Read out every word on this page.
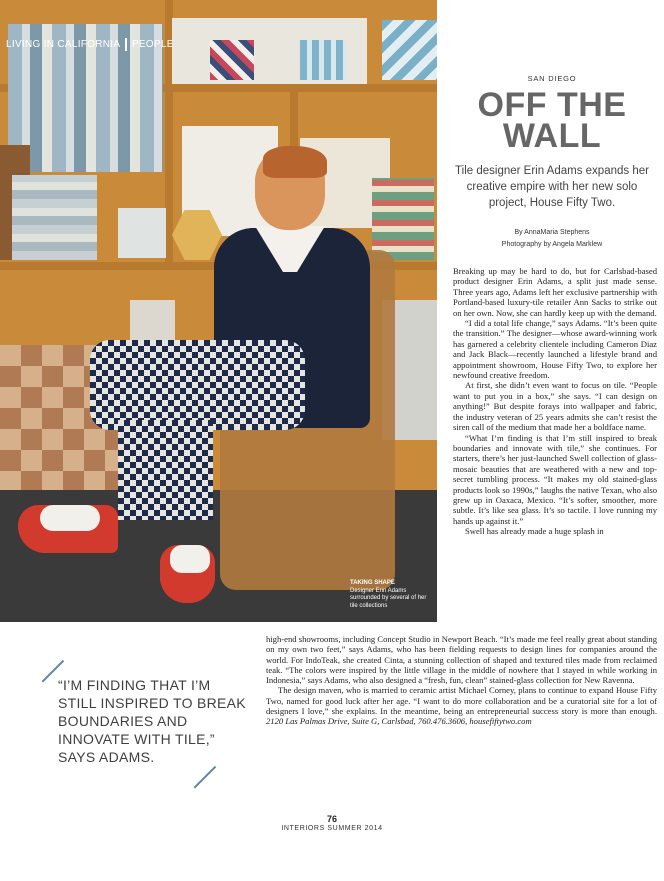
LIVING IN CALIFORNIA PEOPLE
TAKING SHAPE
Designer Erin Adams surrounded by several of her tile collections
SAN DIEGO
OFF THE
WALL
Tile designer Erin Adams expands her creative empire with her new solo project, House Fifty Two.
By AnnaMaria Stephens
Photography by Angela Marklew

Breaking up may be hard to do, but for Carlsbad-based product designer Erin Adams, a split just made sense. Three years ago, Adams left her exclusive partnership with Portland-based luxury-tile retailer Ann Sacks to strike out on her own. Now, she can hardly keep up with the demand.

“I did a total life change,” says Adams. “It’s been quite the transition.” The designer—whose award-winning work has garnered a celebrity clientele including Cameron Diaz and Jack Black—recently launched a lifestyle brand and appointment showroom, House Fifty Two, to explore her newfound creative freedom.

At first, she didn’t even want to focus on tile. “People want to put you in a box,” she says. “I can design on anything!” But despite forays into wallpaper and fabric, the industry veteran of 25 years admits she can’t resist the siren call of the medium that made her a boldface name.

“What I’m finding is that I’m still inspired to break boundaries and innovate with tile,” she continues. For starters, there’s her just-launched Swell collection of glass-mosaic beauties that are weathered with a new and top-secret tumbling process. “It makes my old stained-glass products look so 1990s,” laughs the native Texan, who also grew up in Oaxaca, Mexico. “It’s softer, smoother, more subtle. It’s like sea glass. It’s so tactile. I love running my hands up against it.”

Swell has already made a huge splash in

high-end showrooms, including Concept Studio in Newport Beach. “It’s made me feel really great about standing on my own two feet,” says Adams, who has been fielding requests to design lines for companies around the world. For IndoTeak, she created Cinta, a stunning collection of shaped and textured tiles made from reclaimed teak. “The colors were inspired by the little village in the middle of nowhere that I stayed in while working in Indonesia,” says Adams, who also designed a “fresh, fun, clean” stained-glass collection for New Ravenna.

The design maven, who is married to ceramic artist Michael Corney, plans to continue to expand House Fifty Two, named for good luck after her age. “I want to do more collaboration and be a curatorial site for a lot of designers I love,” she explains. In the meantime, being an entrepreneurial success story is more than enough. 2120 Las Palmas Drive, Suite G, Carlsbad, 760.476.3606, housefiftytwo.com

“I’M FINDING THAT I’M STILL INSPIRED TO BREAK BOUNDARIES AND INNOVATE WITH TILE,” SAYS ADAMS.
76
INTERIORS SUMMER 2014
